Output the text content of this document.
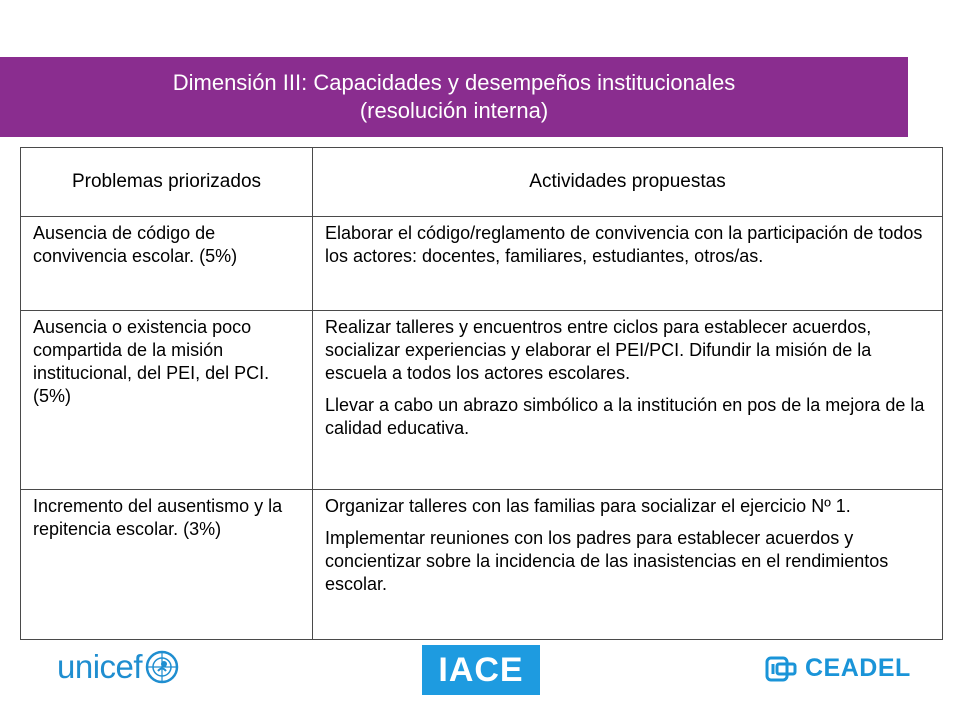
Dimensión III: Capacidades y desempeños institucionales
(resolución interna)
Problemas priorizados	Actividades propuestas
Ausencia de código de convivencia escolar. (5%)	Elaborar el código/reglamento de convivencia con la participación de todos los actores: docentes, familiares, estudiantes, otros/as.

Ausencia o existencia poco compartida de la misión institucional, del PEI, del PCI. (5%)	Realizar talleres y encuentros entre ciclos para establecer acuerdos, socializar experiencias y elaborar el PEI/PCI. Difundir la misión de la escuela a todos los actores escolares.

Llevar a cabo un abrazo simbólico a la institución en pos de la mejora de la calidad educativa.

Incremento del ausentismo y la repitencia escolar. (3%)	Organizar talleres con las familias para socializar el ejercicio Nº 1.

Implementar reuniones con los padres para establecer acuerdos y concientizar sobre la incidencia de las inasistencias en el rendimientos escolar.

unicef	IACE	CEADEL
